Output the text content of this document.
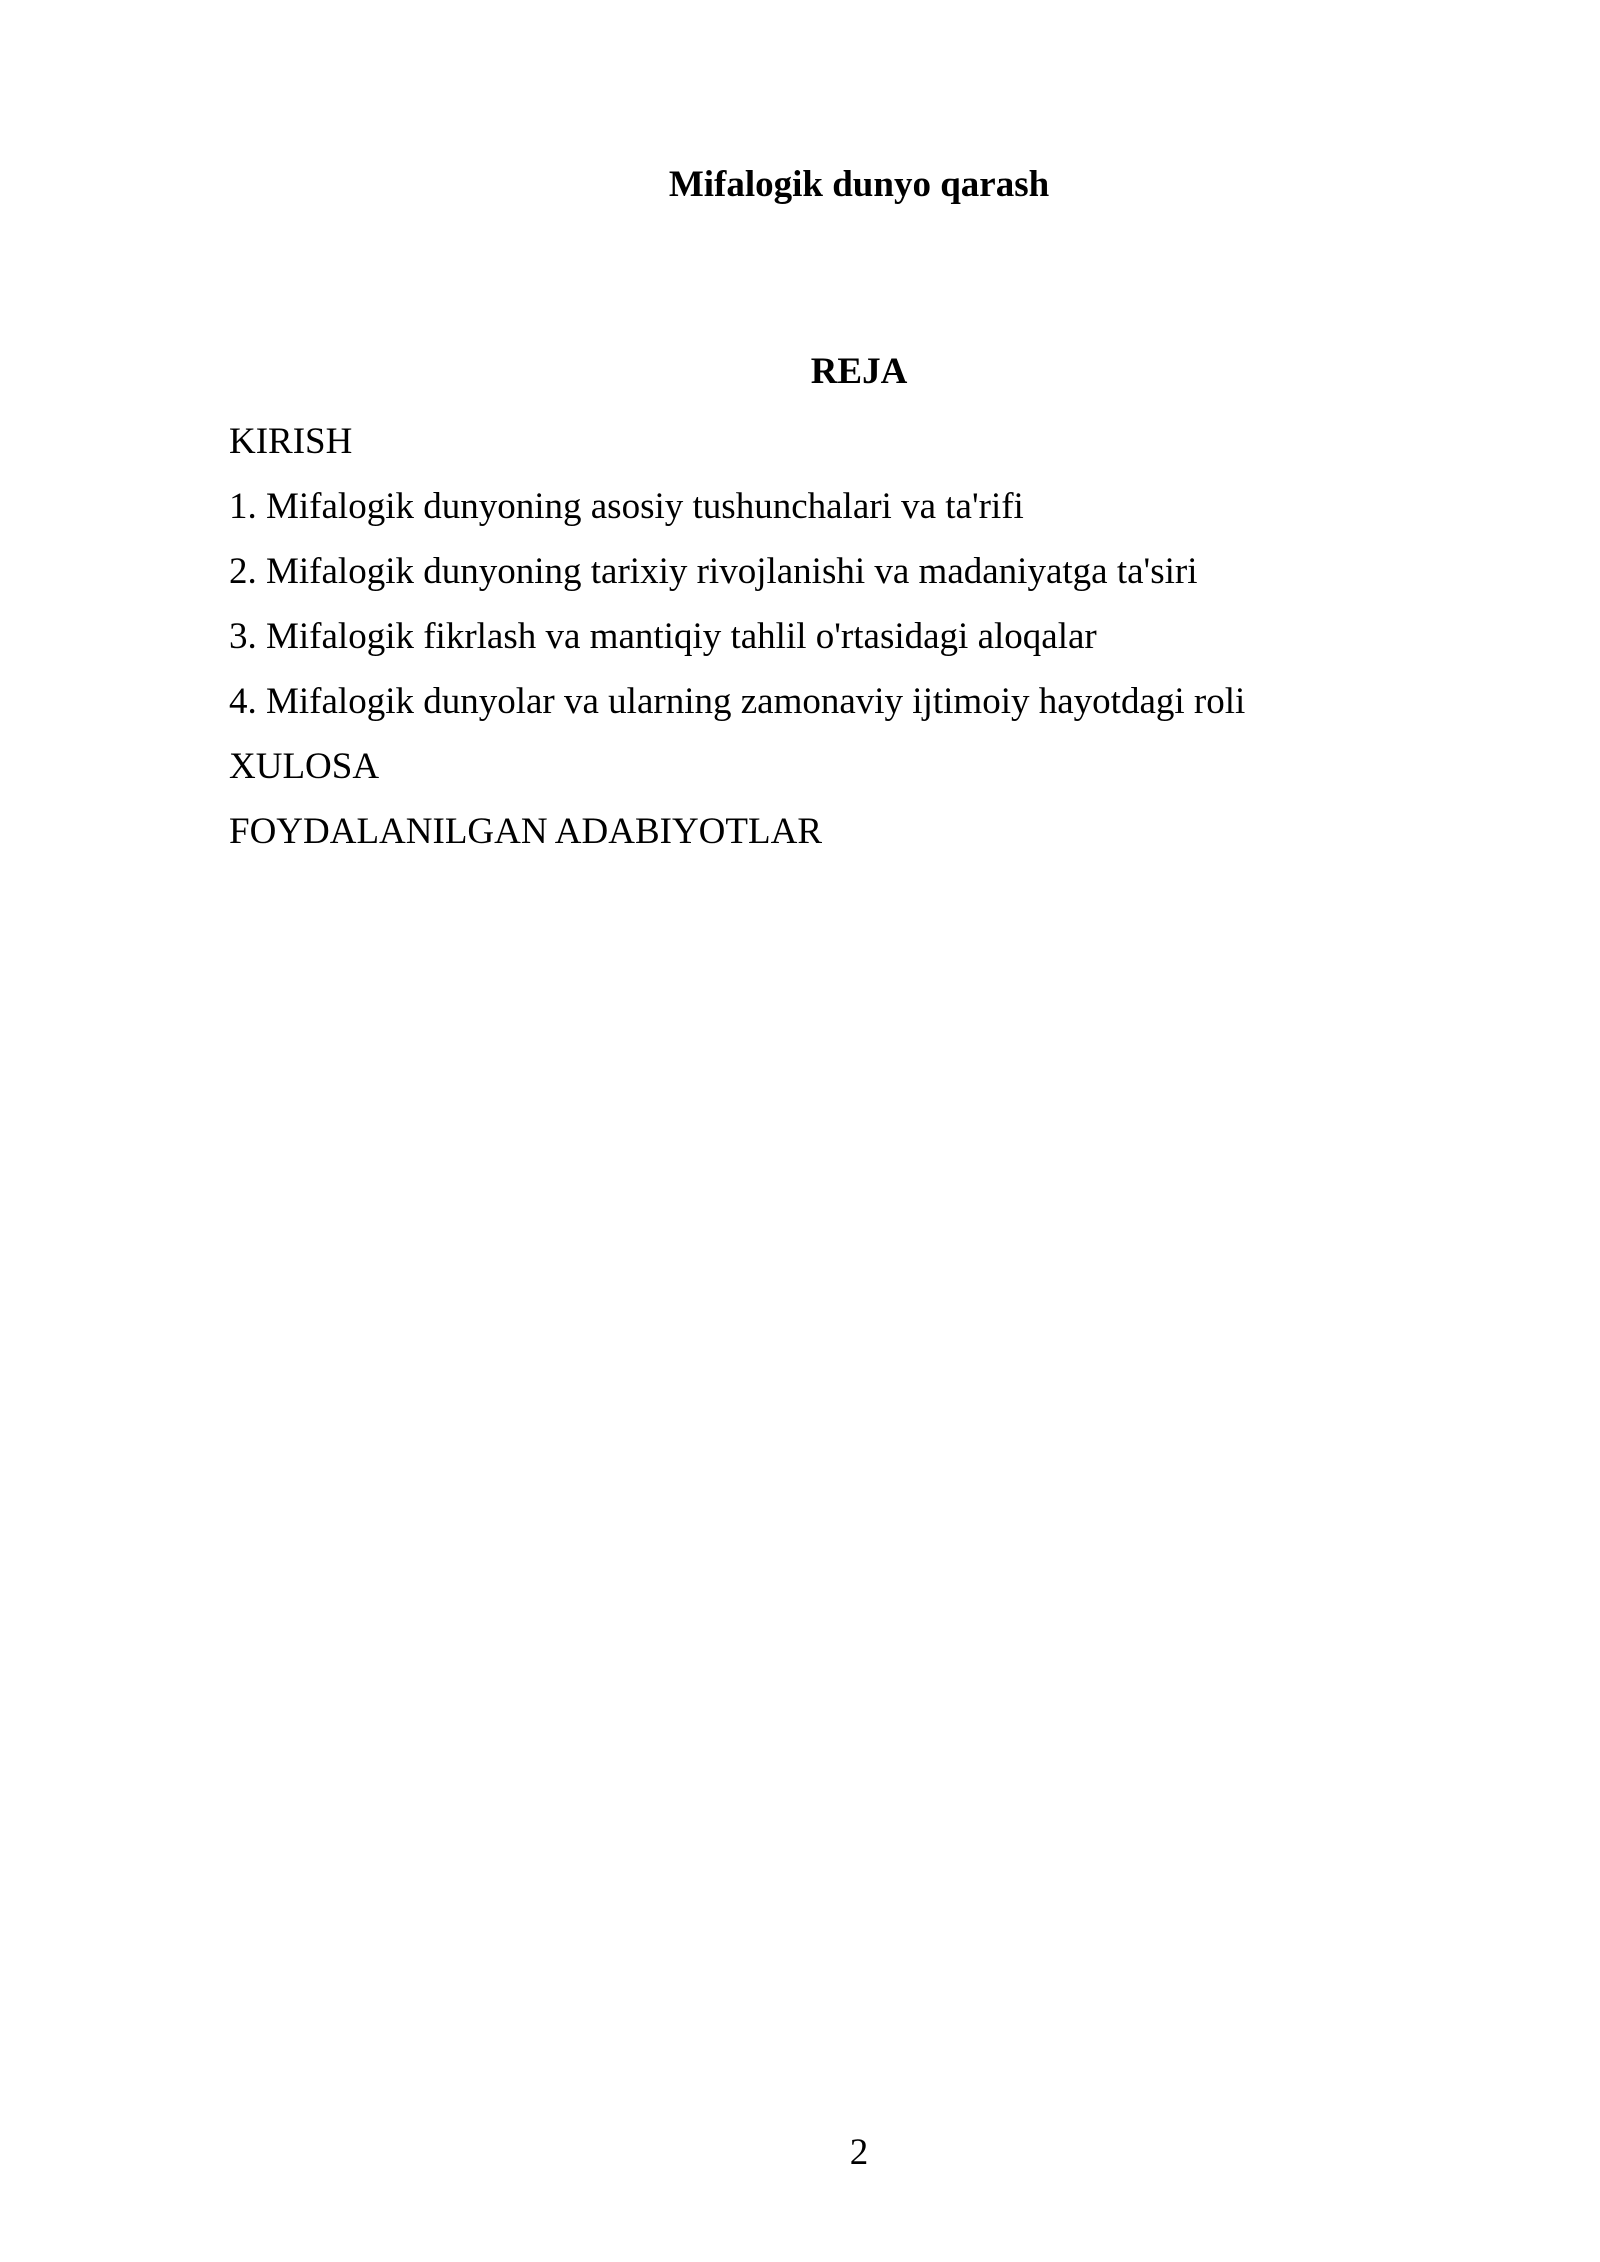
Mifalogik dunyo qarash
REJA
KIRISH
1. Mifalogik dunyoning asosiy tushunchalari va ta'rifi
2. Mifalogik dunyoning tarixiy rivojlanishi va madaniyatga ta'siri
3. Mifalogik fikrlash va mantiqiy tahlil o'rtasidagi aloqalar
4. Mifalogik dunyolar va ularning zamonaviy ijtimoiy hayotdagi roli
XULOSA
FOYDALANILGAN ADABIYOTLAR
2
